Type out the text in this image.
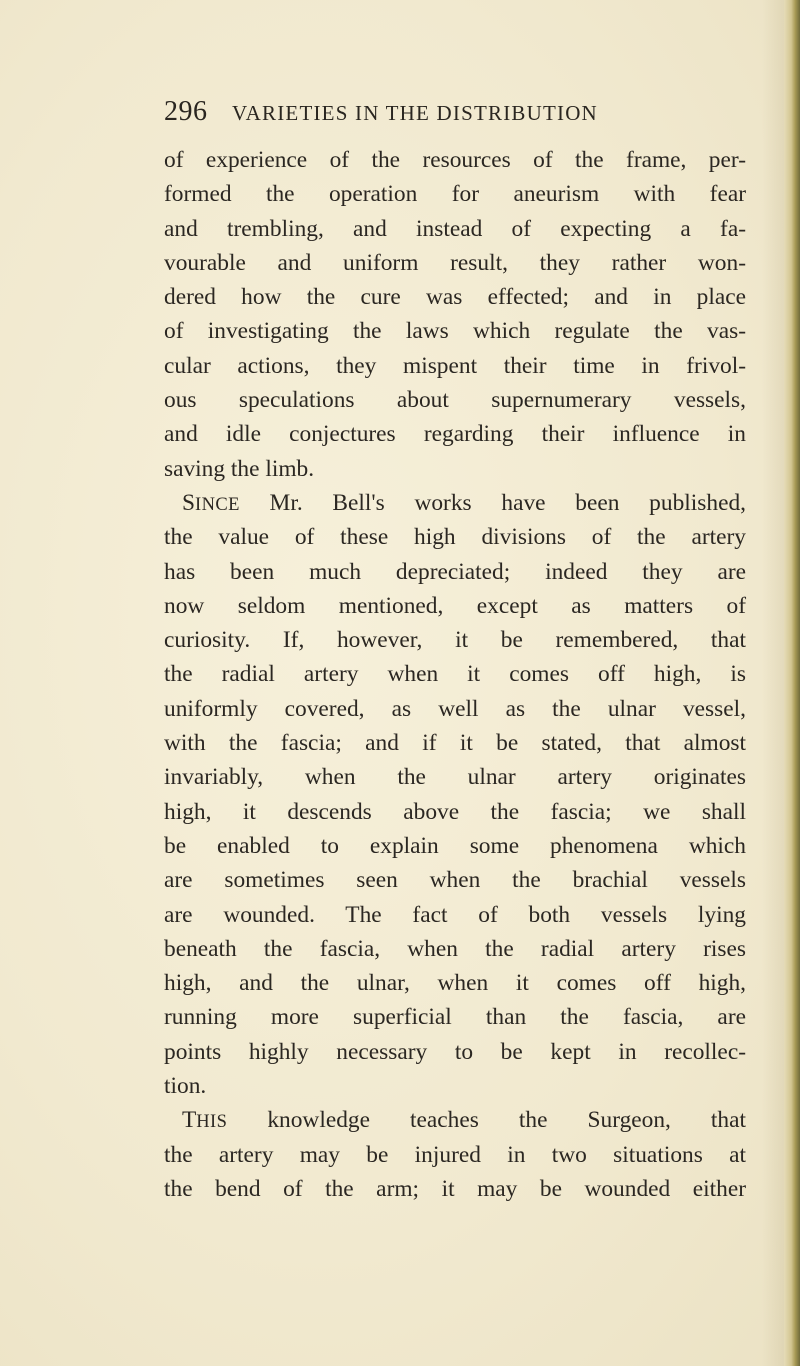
296 VARIETIES IN THE DISTRIBUTION
of experience of the resources of the frame, per-
formed the operation for aneurism with fear
and trembling, and instead of expecting a fa-
vourable and uniform result, they rather won-
dered how the cure was effected; and in place
of investigating the laws which regulate the vas-
cular actions, they mispent their time in frivol-
ous speculations about supernumerary vessels,
and idle conjectures regarding their influence in
saving the limb.
SINCE Mr. Bell's works have been published,
the value of these high divisions of the artery
has been much depreciated; indeed they are
now seldom mentioned, except as matters of
curiosity. If, however, it be remembered, that
the radial artery when it comes off high, is
uniformly covered, as well as the ulnar vessel,
with the fascia; and if it be stated, that almost
invariably, when the ulnar artery originates
high, it descends above the fascia; we shall
be enabled to explain some phenomena which
are sometimes seen when the brachial vessels
are wounded. The fact of both vessels lying
beneath the fascia, when the radial artery rises
high, and the ulnar, when it comes off high,
running more superficial than the fascia, are
points highly necessary to be kept in recollec-
tion.
THIS knowledge teaches the Surgeon, that
the artery may be injured in two situations at
the bend of the arm; it may be wounded either
